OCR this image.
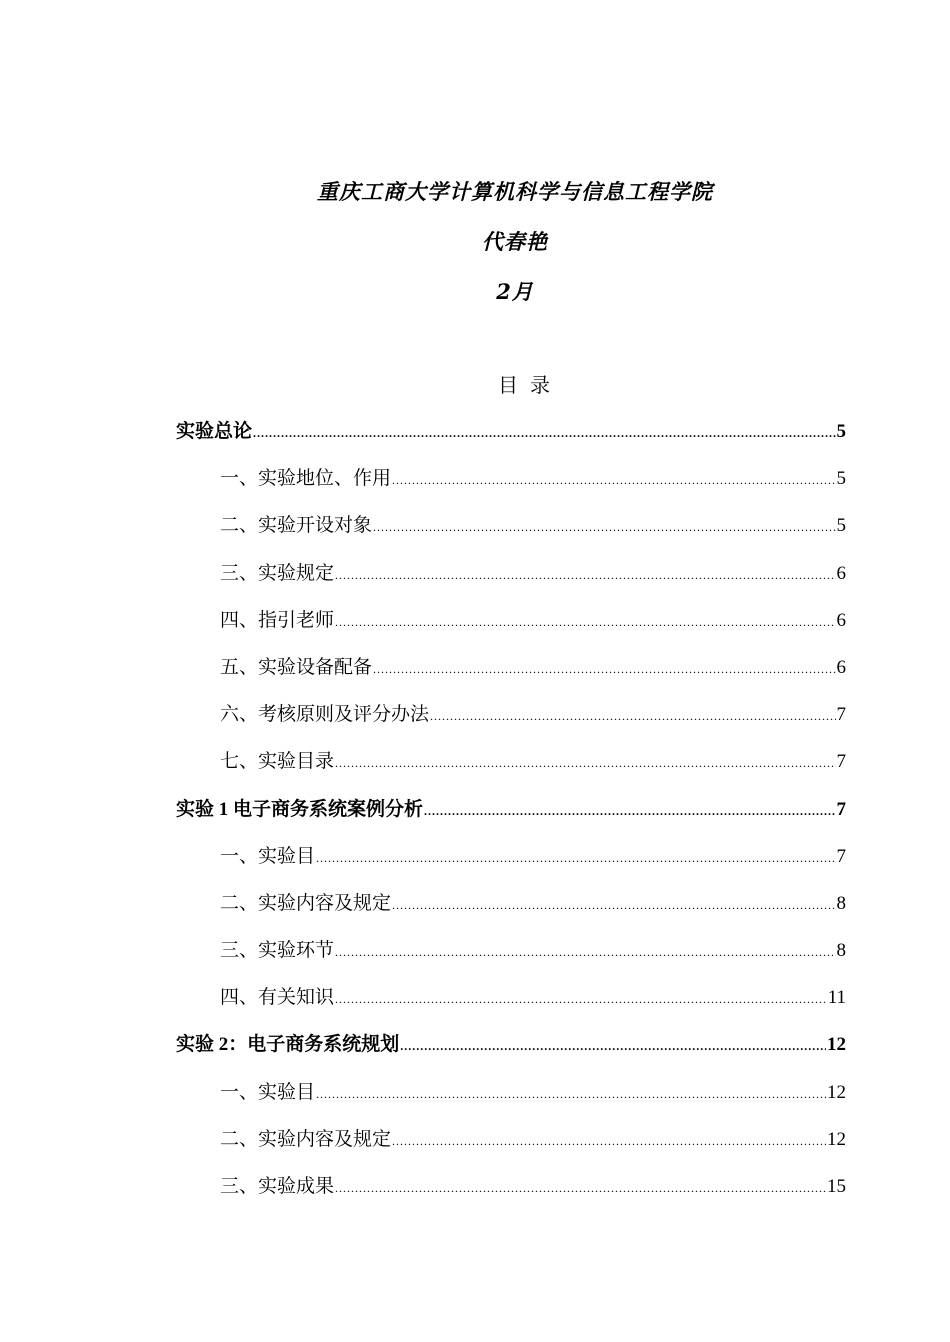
重庆工商大学计算机科学与信息工程学院

代春艳

2月

目录
实验总论 .....	5
一、实验地位、作用 .....	5
二、实验开设对象 .....	5
三、实验规定 .....	6
四、指引老师 .....	6
五、实验设备配备 .....	6
六、考核原则及评分办法 .....	7
七、实验目录 .....	7
实验 1 电子商务系统案例分析 .....	7
一、实验目 .....	7
二、实验内容及规定 .....	8
三、实验环节 .....	8
四、有关知识 .....	11
实验 2：电子商务系统规划 .....	12
一、实验目 .....	12
二、实验内容及规定 .....	12
三、实验成果 .....	15
